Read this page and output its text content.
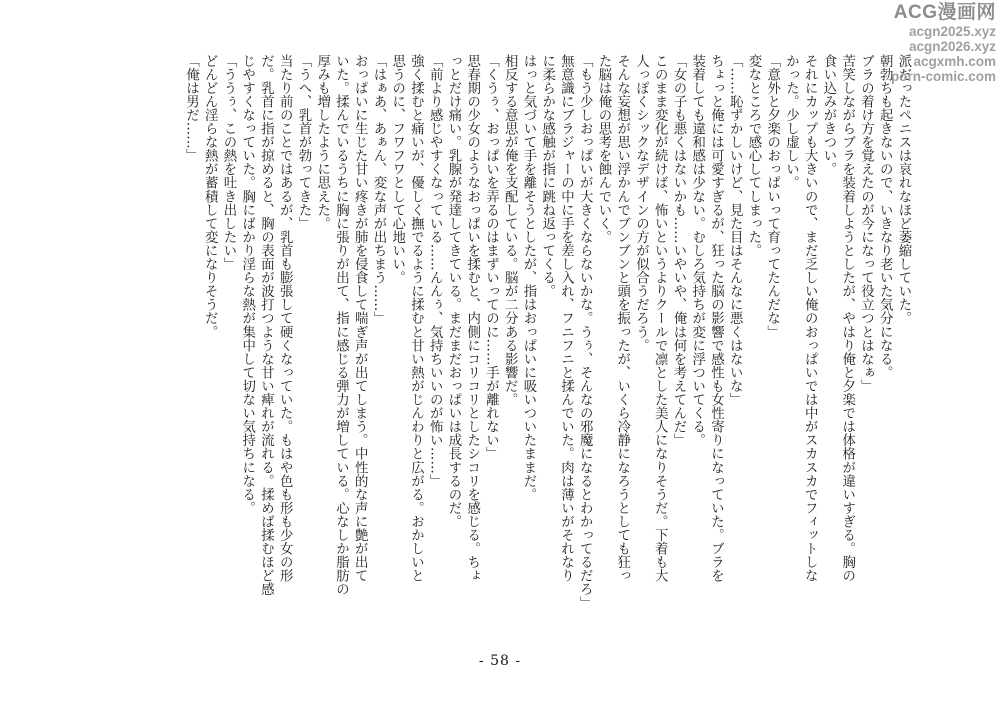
派だったペニスは哀れなほど萎縮していた。
朝勃ちも起きないので、いきなり老いた気分になる。
ブラの着け方を覚えたのが今になって役立つとはなぁ」
苦笑しながらブラを装着しようとしたが、やはり俺と夕楽では体格が違いすぎる。胸の
食い込みがきつい。
それにカップも大きいので、まだ乏しい俺のおっぱいでは中がスカスカでフィットしな
かった。少し虚しい。
「意外と夕楽のおっぱいって育ってたんだな」
変なところで感心してしまった。
「……恥ずかしいけど、見た目はそんなに悪くはないな」
ちょっと俺には可愛すぎるが、狂った脳の影響で感性も女性寄りになっていた。ブラを
装着しても違和感は少ない。むしろ気持ちが変に浮ついてくる。
「女の子も悪くはないかも……いやいや、俺は何を考えてんだ」
このまま変化が続けば、怖いというよりクールで凛とした美人になりそうだ。下着も大
人っぽくシックなデザインの方が似合うだろう。
そんな妄想が思い浮かんでブンブンと頭を振ったが、いくら冷静になろうとしても狂っ
た脳は俺の思考を蝕んでいく。
「もう少しおっぱいが大きくならないかな。うぅ、そんなの邪魔になるとわかってるだろ」
無意識にブラジャーの中に手を差し入れ、フニフニと揉んでいた。肉は薄いがそれなり
に柔らかな感触が指に跳ね返ってくる。
はっと気づいて手を離そうとしたが、指はおっぱいに吸いついたままだ。
相反する意思が俺を支配している。脳が二分ある影響だ。
「くうぅ、おっぱいを弄るのはまずいってのに……手が離れない」
思春期の少女のようなおっぱいを揉むと、内側にコリコリとしたシコリを感じる。ちょ
っとだけ痛い。乳腺が発達してきている。まだまだおっぱいは成長するのだ。
「前より感じやすくなっている……んんぅ、気持ちいいのが怖い……」
強く揉むと痛いが、優しく撫でるように揉むと甘い熱がじんわりと広がる。おかしいと
思うのに、フワフワとして心地いい。
「はぁあ、あぁん、変な声が出ちまう……」
おっぱいに生じた甘い疼きが肺を侵食して喘ぎ声が出てしまう。中性的な声に艶が出て
いた。揉んでいるうちに胸に張りが出て、指に感じる弾力が増している。心なしか脂肪の
厚みも増したように思えた。
「うへ、乳首が勃ってきた」
当たり前のことではあるが、乳首も膨張して硬くなっていた。もはや色も形も少女の形
だ。乳首に指が掠めると、胸の表面が波打つような甘い痺れが流れる。揉めば揉むほど感
じやすくなっていた。胸にばかり淫らな熱が集中して切ない気持ちになる。
「ううぅ、この熱を吐き出したい」
どんどん淫らな熱が蓄積して変になりそうだ。
「俺は男だ……」
- 58 -
ACG漫画网
acgn2025.xyz
acgn2026.xyz
acgxmh.com
porn-comic.com
